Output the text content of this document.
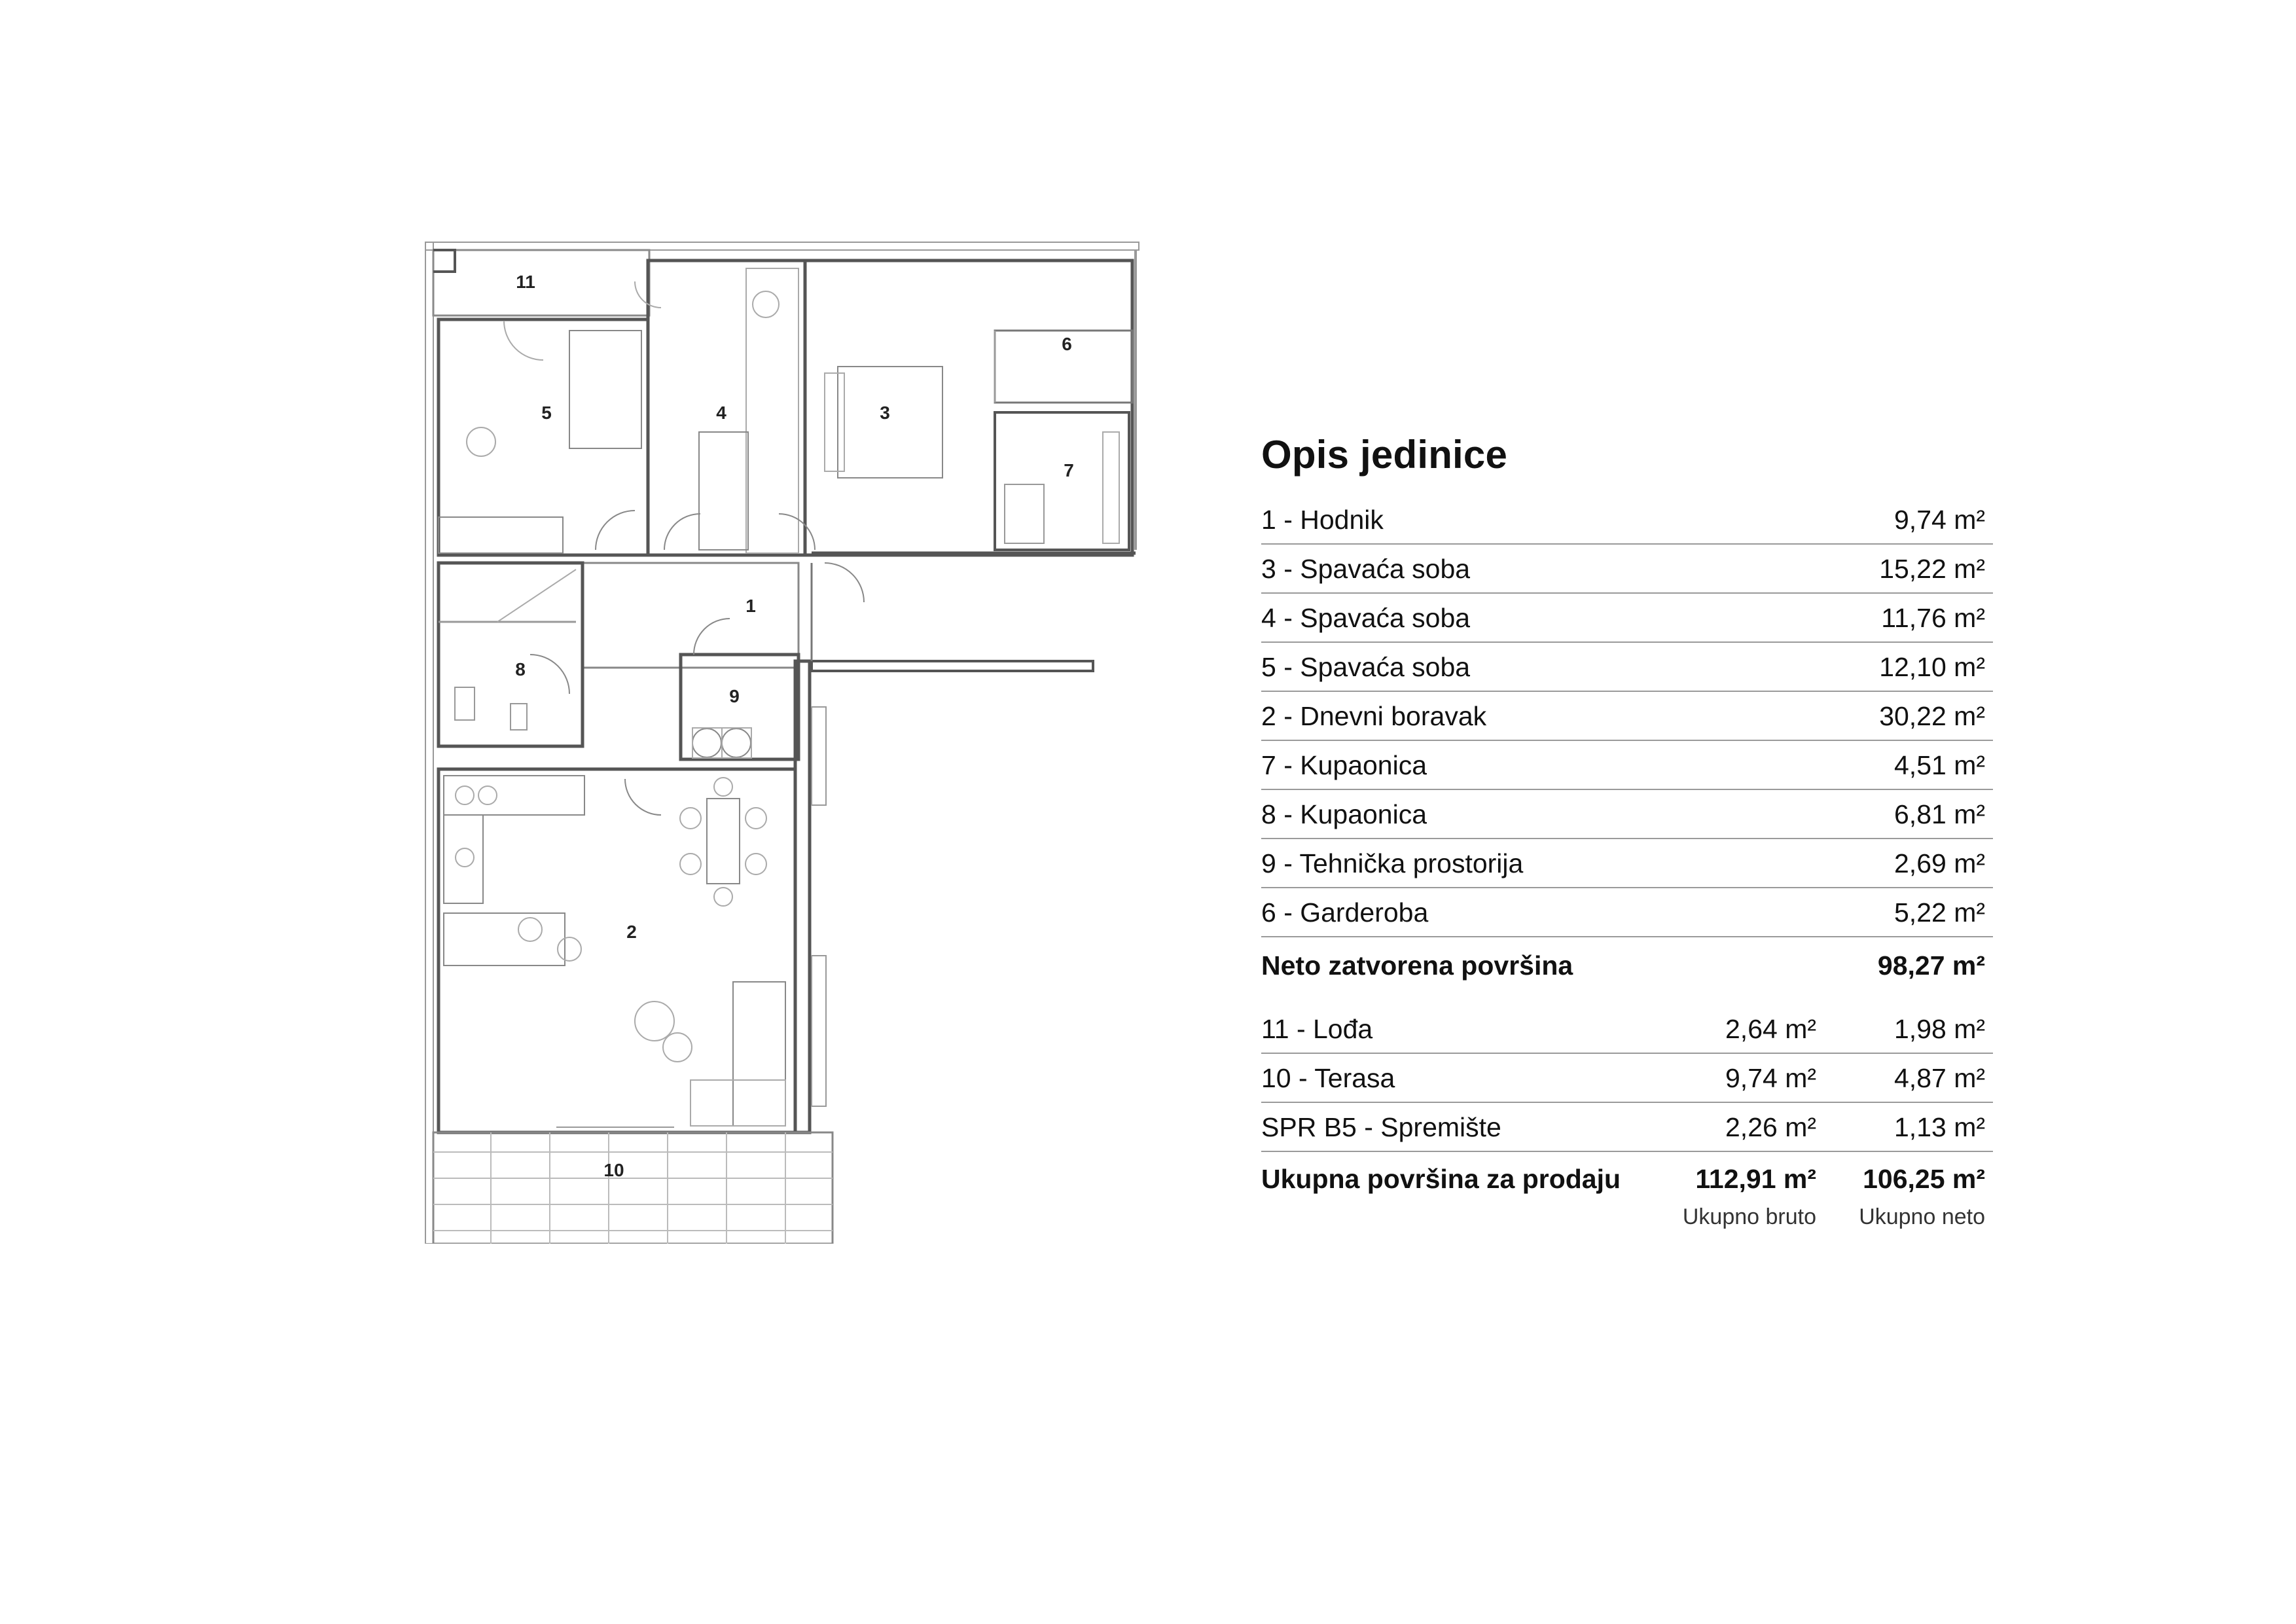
11
5	4	3
6
7
1
8
9
2
10
Opis jedinice
1 - Hodnik	9,74 m²
3 - Spavaća soba	15,22 m²
4 - Spavaća soba	11,76 m²
5 - Spavaća soba	12,10 m²
2 - Dnevni boravak	30,22 m²
7 - Kupaonica	4,51 m²
8 - Kupaonica	6,81 m²
9 - Tehnička prostorija	2,69 m²
6 - Garderoba	5,22 m²
Neto zatvorena površina	98,27 m²
11 - Lođa	2,64 m²	1,98 m²
10 - Terasa	9,74 m²	4,87 m²
SPR B5 - Spremište	2,26 m²	1,13 m²
Ukupna površina za prodaju	112,91 m² 106,25 m²
Ukupno bruto Ukupno neto
